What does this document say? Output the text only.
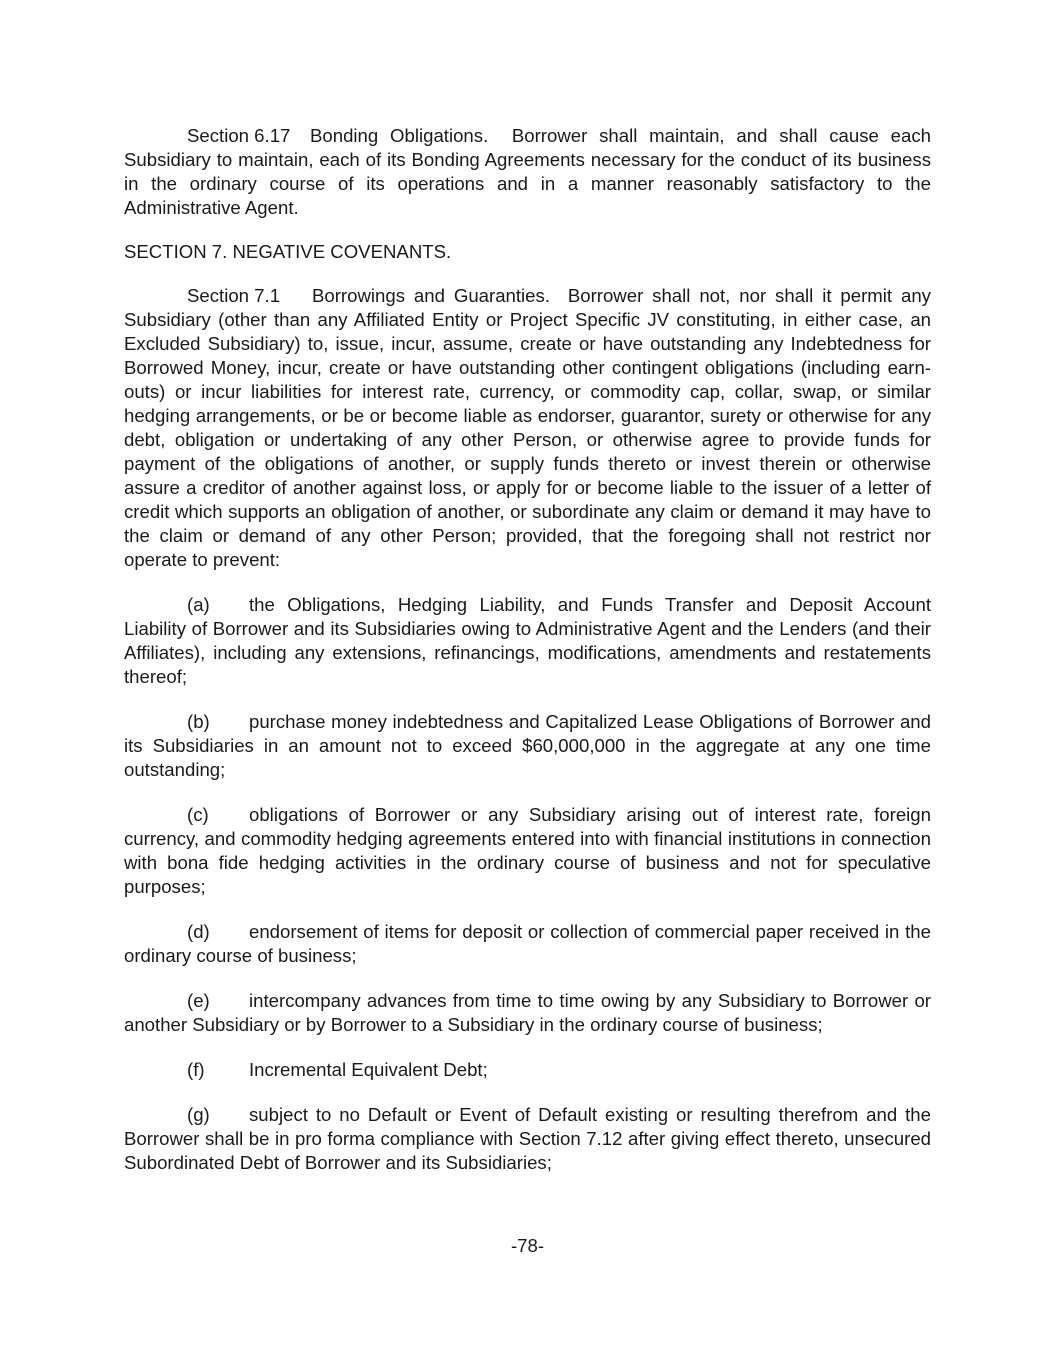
Section 6.17 Bonding Obligations. Borrower shall maintain, and shall cause each Subsidiary to maintain, each of its Bonding Agreements necessary for the conduct of its business in the ordinary course of its operations and in a manner reasonably satisfactory to the Administrative Agent.

SECTION 7. NEGATIVE COVENANTS.

Section 7.1 Borrowings and Guaranties. Borrower shall not, nor shall it permit any Subsidiary (other than any Affiliated Entity or Project Specific JV constituting, in either case, an Excluded Subsidiary) to, issue, incur, assume, create or have outstanding any Indebtedness for Borrowed Money, incur, create or have outstanding other contingent obligations (including earn-outs) or incur liabilities for interest rate, currency, or commodity cap, collar, swap, or similar hedging arrangements, or be or become liable as endorser, guarantor, surety or otherwise for any debt, obligation or undertaking of any other Person, or otherwise agree to provide funds for payment of the obligations of another, or supply funds thereto or invest therein or otherwise assure a creditor of another against loss, or apply for or become liable to the issuer of a letter of credit which supports an obligation of another, or subordinate any claim or demand it may have to the claim or demand of any other Person; provided, that the foregoing shall not restrict nor operate to prevent:

(a) the Obligations, Hedging Liability, and Funds Transfer and Deposit Account Liability of Borrower and its Subsidiaries owing to Administrative Agent and the Lenders (and their Affiliates), including any extensions, refinancings, modifications, amendments and restatements thereof;

(b) purchase money indebtedness and Capitalized Lease Obligations of Borrower and its Subsidiaries in an amount not to exceed $60,000,000 in the aggregate at any one time outstanding;

(c) obligations of Borrower or any Subsidiary arising out of interest rate, foreign currency, and commodity hedging agreements entered into with financial institutions in connection with bona fide hedging activities in the ordinary course of business and not for speculative purposes;

(d) endorsement of items for deposit or collection of commercial paper received in the ordinary course of business;

(e) intercompany advances from time to time owing by any Subsidiary to Borrower or another Subsidiary or by Borrower to a Subsidiary in the ordinary course of business;

(f) Incremental Equivalent Debt;

(g) subject to no Default or Event of Default existing or resulting therefrom and the Borrower shall be in pro forma compliance with Section 7.12 after giving effect thereto, unsecured Subordinated Debt of Borrower and its Subsidiaries;

-78-
